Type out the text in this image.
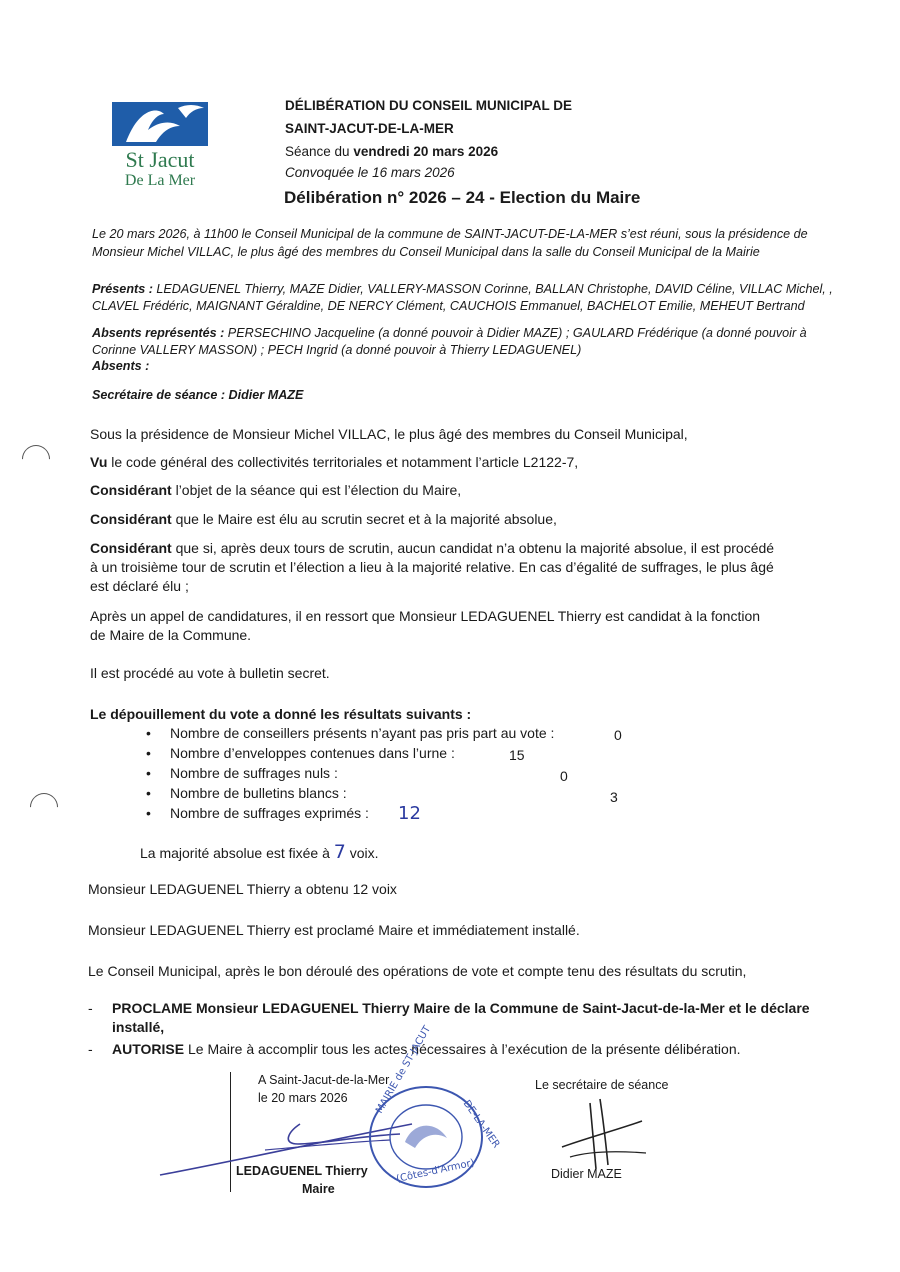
St Jacut
De La Mer
DÉLIBÉRATION DU CONSEIL MUNICIPAL DE
SAINT-JACUT-DE-LA-MER
Séance du vendredi 20 mars 2026
Convoquée le 16 mars 2026
Délibération n° 2026 – 24 - Election du Maire
Le 20 mars 2026, à 11h00 le Conseil Municipal de la commune de SAINT-JACUT-DE-LA-MER s’est réuni, sous la présidence de
Monsieur Michel VILLAC, le plus âgé des membres du Conseil Municipal dans la salle du Conseil Municipal de la Mairie
Présents : LEDAGUENEL Thierry, MAZE Didier, VALLERY-MASSON Corinne, BALLAN Christophe, DAVID Céline, VILLAC Michel, ,
CLAVEL Frédéric, MAIGNANT Géraldine, DE NERCY Clément, CAUCHOIS Emmanuel, BACHELOT Emilie, MEHEUT Bertrand
Absents représentés : PERSECHINO Jacqueline (a donné pouvoir à Didier MAZE) ; GAULARD Frédérique (a donné pouvoir à
Corinne VALLERY MASSON) ; PECH Ingrid (a donné pouvoir à Thierry LEDAGUENEL)
Absents :
Secrétaire de séance : Didier MAZE
Sous la présidence de Monsieur Michel VILLAC, le plus âgé des membres du Conseil Municipal,
Vu le code général des collectivités territoriales et notamment l’article L2122-7,
Considérant l’objet de la séance qui est l’élection du Maire,
Considérant que le Maire est élu au scrutin secret et à la majorité absolue,
Considérant que si, après deux tours de scrutin, aucun candidat n’a obtenu la majorité absolue, il est procédé
à un troisième tour de scrutin et l’élection a lieu à la majorité relative. En cas d’égalité de suffrages, le plus âgé
est déclaré élu ;
Après un appel de candidatures, il en ressort que Monsieur LEDAGUENEL Thierry est candidat à la fonction
de Maire de la Commune.
Il est procédé au vote à bulletin secret.
Le dépouillement du vote a donné les résultats suivants :
• Nombre de conseillers présents n’ayant pas pris part au vote :	0
• Nombre d’enveloppes contenues dans l’urne :	15
• Nombre de suffrages nuls :	0
• Nombre de bulletins blancs :	3
• Nombre de suffrages exprimés : 12
La majorité absolue est fixée à 7 voix.
Monsieur LEDAGUENEL Thierry a obtenu 12 voix
Monsieur LEDAGUENEL Thierry est proclamé Maire et immédiatement installé.
Le Conseil Municipal, après le bon déroulé des opérations de vote et compte tenu des résultats du scrutin,
- PROCLAME Monsieur LEDAGUENEL Thierry Maire de la Commune de Saint-Jacut-de-la-Mer et le déclare
installé,
- AUTORISE Le Maire à accomplir tous les actes nécessaires à l’exécution de la présente délibération.
A Saint-Jacut-de-la-Mer
le 20 mars 2026	MAIRIE de ST-JACUT
-DE-LA-MER
(Côtes-d'Armor)
LEDAGUENEL Thierry
Maire
Le secrétaire de séance
Didier MAZE
